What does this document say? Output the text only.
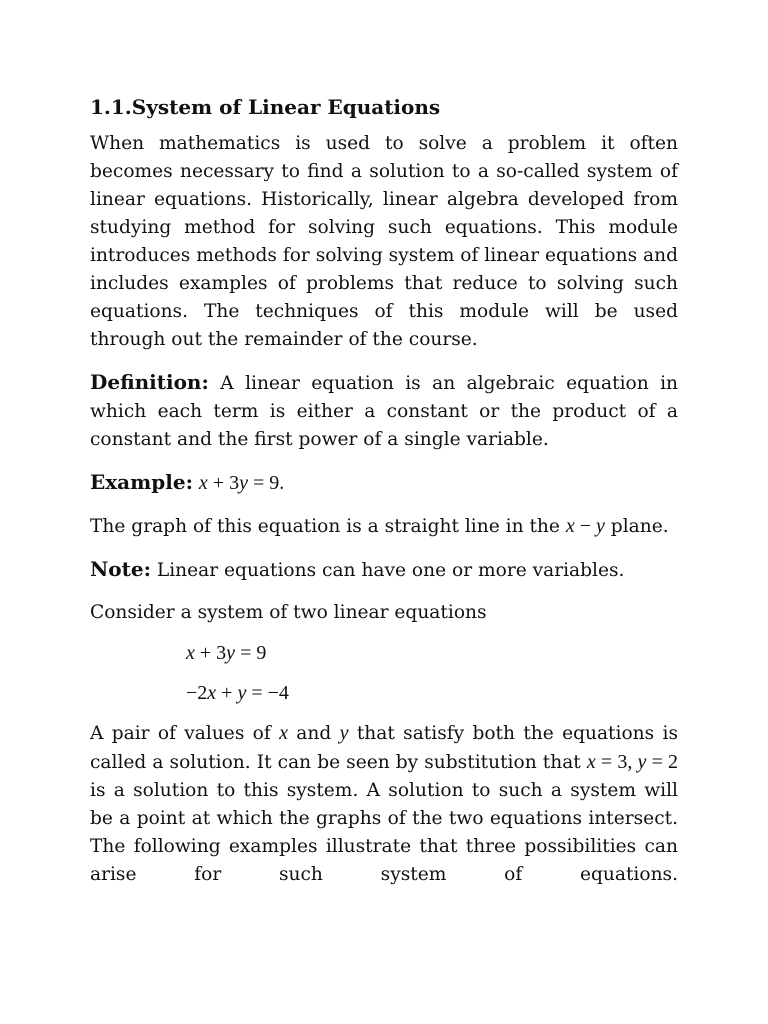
1.1.System of Linear Equations

When mathematics is used to solve a problem it often becomes necessary to find a solution to a so-called system of linear equations. Historically, linear algebra developed from studying method for solving such equations. This module introduces methods for solving system of linear equations and includes examples of problems that reduce to solving such equations. The techniques of this module will be used through out the remainder of the course.

Definition: A linear equation is an algebraic equation in which each term is either a constant or the product of a constant and the first power of a single variable.

Example: x + 3y = 9.

The graph of this equation is a straight line in the x − y plane.

Note: Linear equations can have one or more variables.

Consider a system of two linear equations

x + 3y = 9
−2x + y = −4

A pair of values of x and y that satisfy both the equations is called a solution. It can be seen by substitution that x = 3, y = 2 is a solution to this system. A solution to such a system will be a point at which the graphs of the two equations intersect. The following examples illustrate that three possibilities can arise for such system of equations.
